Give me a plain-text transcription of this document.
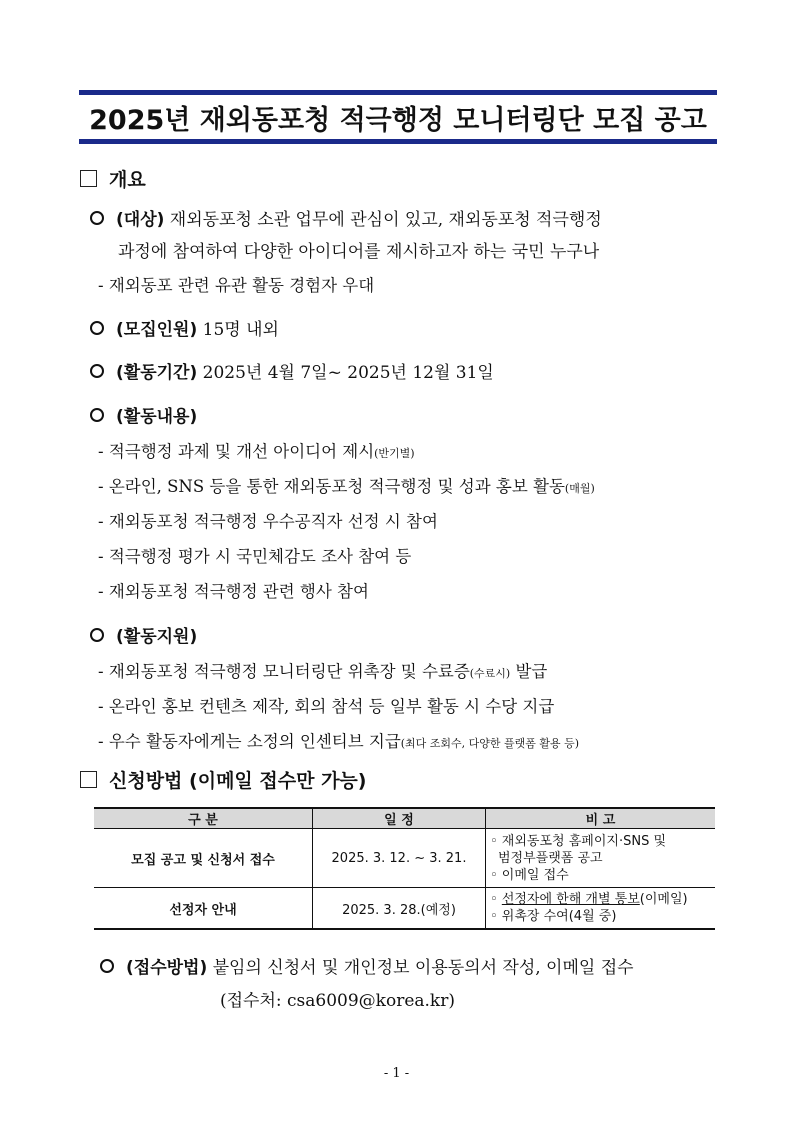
2025년 재외동포청 적극행정 모니터링단 모집 공고
개요
(대상) 재외동포청 소관 업무에 관심이 있고, 재외동포청 적극행정
과정에 참여하여 다양한 아이디어를 제시하고자 하는 국민 누구나
- 재외동포 관련 유관 활동 경험자 우대
(모집인원) 15명 내외
(활동기간) 2025년 4월 7일~ 2025년 12월 31일
(활동내용)
- 적극행정 과제 및 개선 아이디어 제시(반기별)
- 온라인, SNS 등을 통한 재외동포청 적극행정 및 성과 홍보 활동(매월)
- 재외동포청 적극행정 우수공직자 선정 시 참여
- 적극행정 평가 시 국민체감도 조사 참여 등
- 재외동포청 적극행정 관련 행사 참여
(활동지원)
- 재외동포청 적극행정 모니터링단 위촉장 및 수료증(수료시) 발급
- 온라인 홍보 컨텐츠 제작, 회의 참석 등 일부 활동 시 수당 지급
- 우수 활동자에게는 소정의 인센티브 지급(최다 조회수, 다양한 플랫폼 활용 등)
신청방법 (이메일 접수만 가능)
구 분	일 정	비 고
모집 공고 및 신청서 접수	2025. 3. 12. ~ 3. 21.	◦ 재외동포청 홈페이지·SNS 및
범정부플랫폼 공고
◦ 이메일 접수

선정자 안내	2025. 3. 28.(예정)	◦ 선정자에 한해 개별 통보(이메일)
◦ 위촉장 수여(4월 중)
(접수방법) 붙임의 신청서 및 개인정보 이용동의서 작성, 이메일 접수
(접수처: csa6009@korea.kr)
- 1 -
